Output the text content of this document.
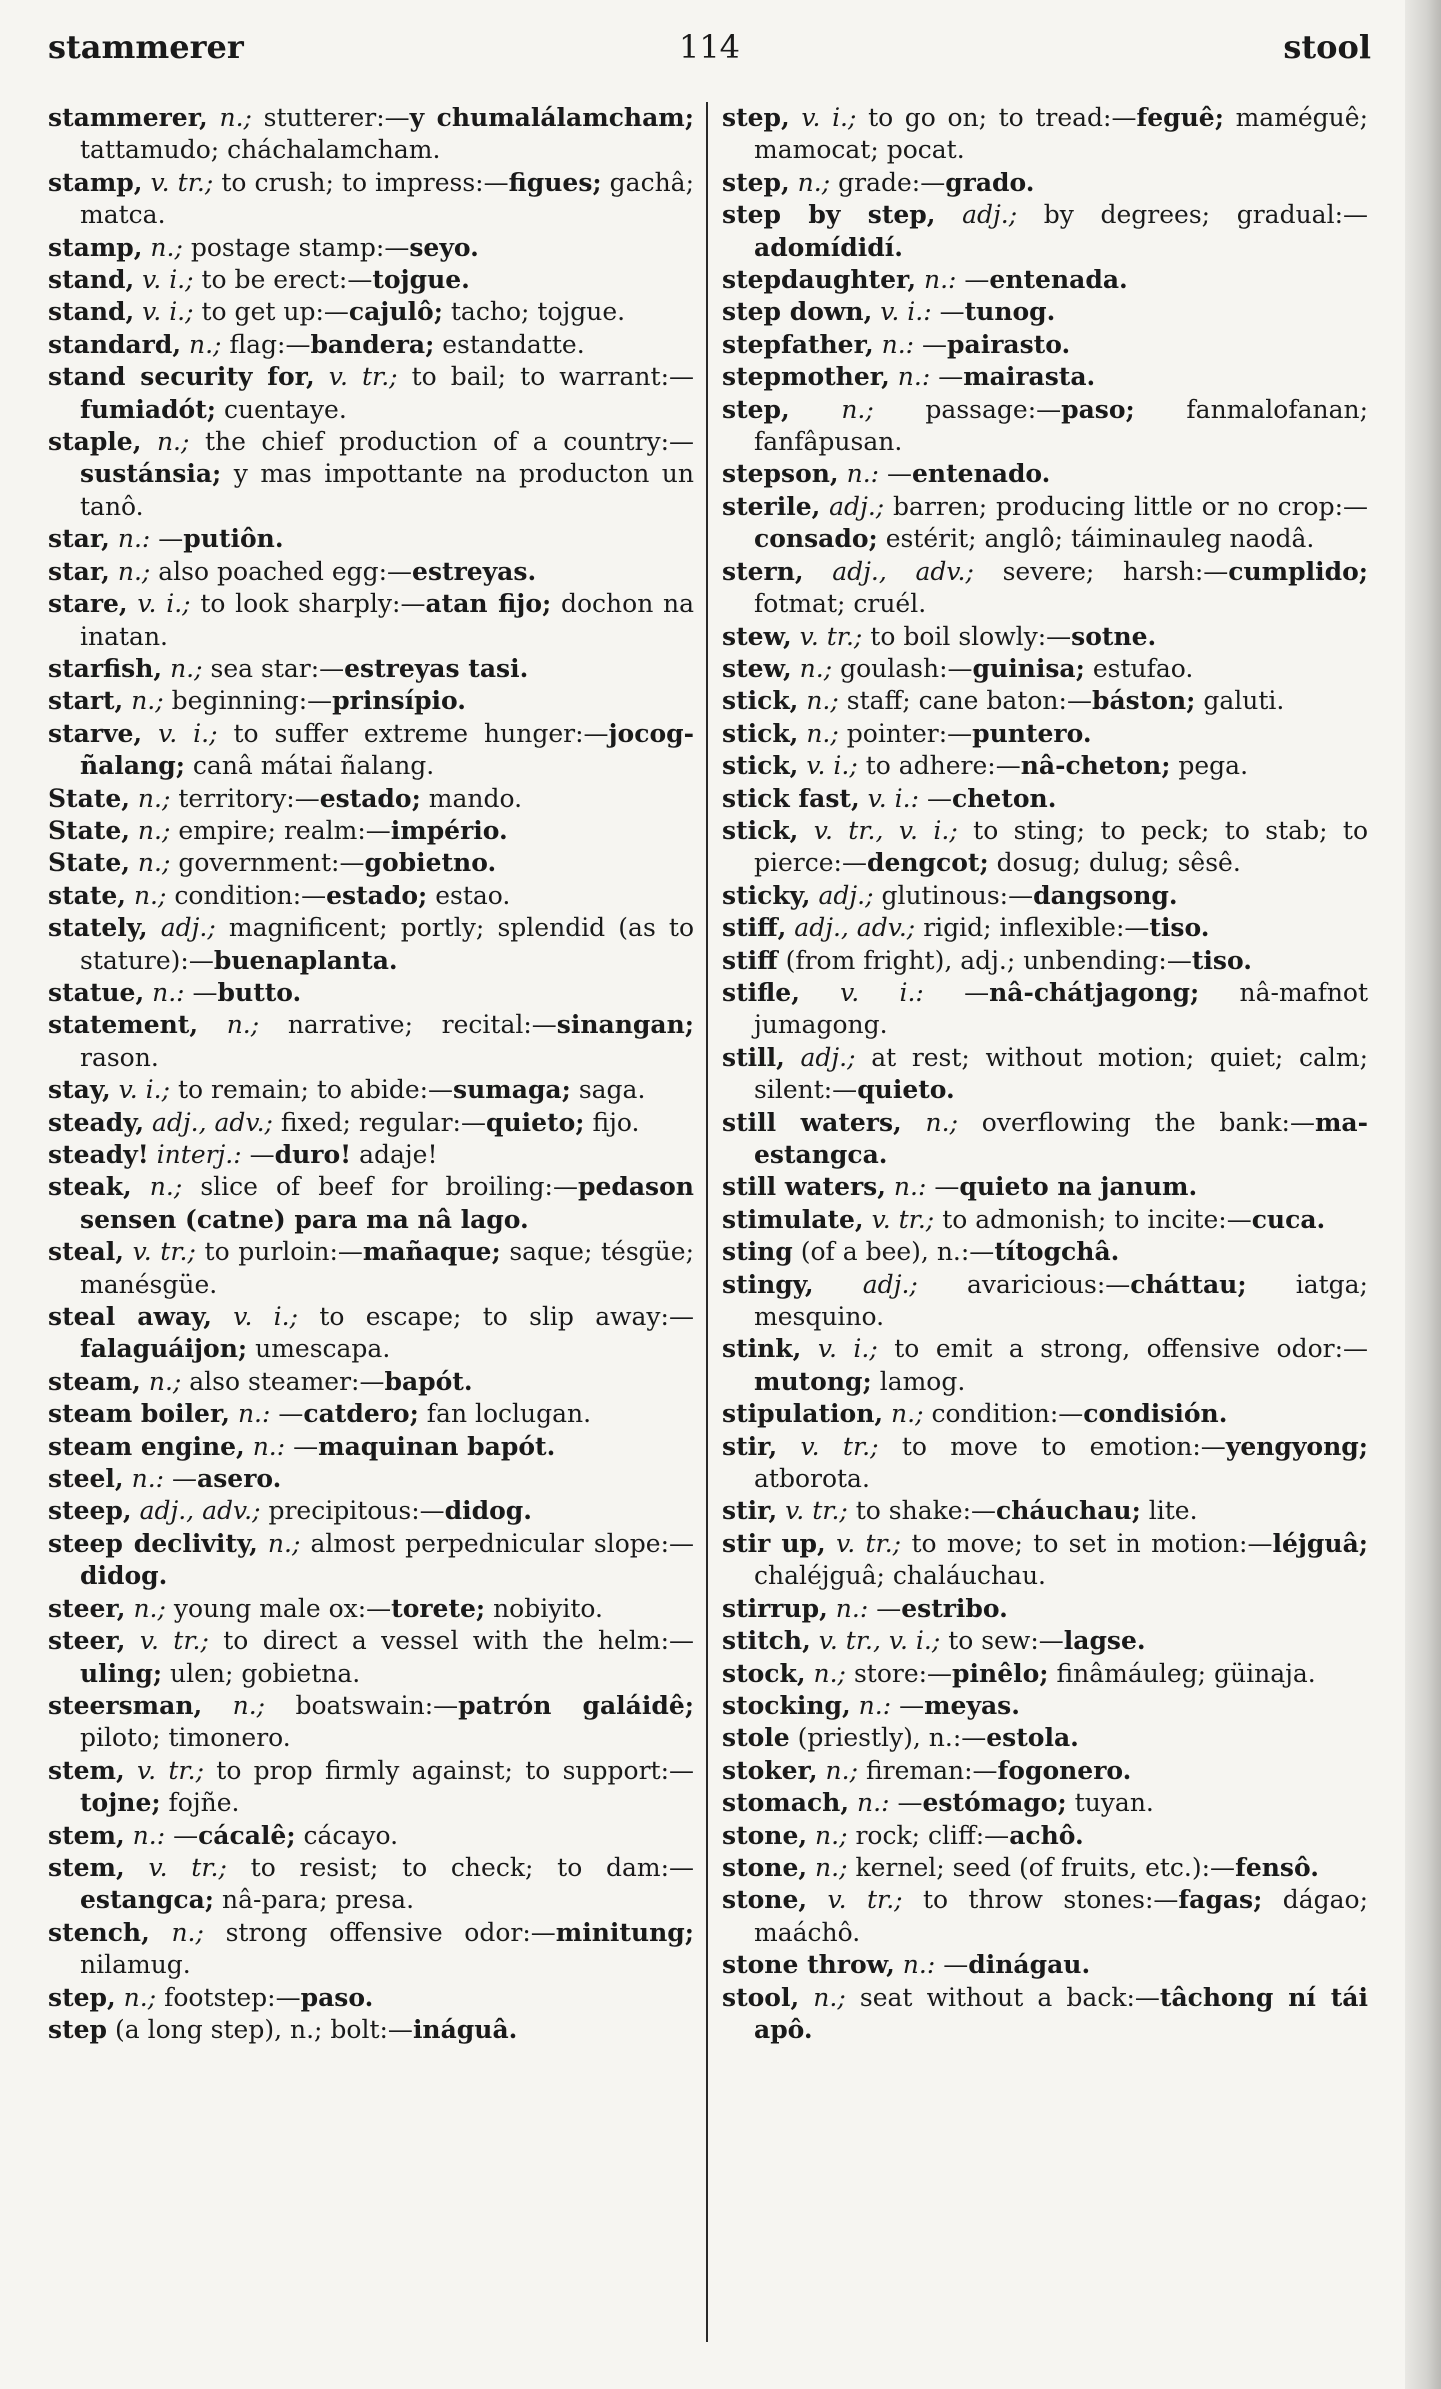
stammerer	114	stool
stammerer, n.; stutterer:—y chumalálamcham; tattamudo; cháchalamcham.
stamp, v. tr.; to crush; to impress:—figues; gachâ; matca.
stamp, n.; postage stamp:—seyo.
stand, v. i.; to be erect:—tojgue.
stand, v. i.; to get up:—cajulô; tacho; tojgue.
standard, n.; flag:—bandera; estandatte.
stand security for, v. tr.; to bail; to warrant:—fumiadót; cuentaye.
staple, n.; the chief production of a country:—sustánsia; y mas impottante na producton un tanô.
star, n.: —putiôn.
star, n.; also poached egg:—estreyas.
stare, v. i.; to look sharply:—atan fijo; dochon na inatan.
starfish, n.; sea star:—estreyas tasi.
start, n.; beginning:—prinsípio.
starve, v. i.; to suffer extreme hunger:—jocog-ñalang; canâ mátai ñalang.
State, n.; territory:—estado; mando.
State, n.; empire; realm:—império.
State, n.; government:—gobietno.
state, n.; condition:—estado; estao.
stately, adj.; magnificent; portly; splendid (as to stature):—buenaplanta.
statue, n.: —butto.
statement, n.; narrative; recital:—sinangan; rason.
stay, v. i.; to remain; to abide:—sumaga; saga.
steady, adj., adv.; fixed; regular:—quieto; fijo.
steady! interj.: —duro! adaje!
steak, n.; slice of beef for broiling:—pedason sensen (catne) para ma nâ lago.
steal, v. tr.; to purloin:—mañaque; saque; tésgüe; manésgüe.
steal away, v. i.; to escape; to slip away:—falaguáijon; umescapa.
steam, n.; also steamer:—bapót.
steam boiler, n.: —catdero; fan loclugan.
steam engine, n.: —maquinan bapót.
steel, n.: —asero.
steep, adj., adv.; precipitous:—didog.
steep declivity, n.; almost perpednicular slope:—didog.
steer, n.; young male ox:—torete; nobiyito.
steer, v. tr.; to direct a vessel with the helm:—uling; ulen; gobietna.
steersman, n.; boatswain:—patrón galáidê; piloto; timonero.
stem, v. tr.; to prop firmly against; to support:—tojne; fojñe.
stem, n.: —cácalê; cácayo.
stem, v. tr.; to resist; to check; to dam:—estangca; nâ-para; presa.
stench, n.; strong offensive odor:—minitung; nilamug.
step, n.; footstep:—paso.
step (a long step), n.; bolt:—ináguâ.
step, v. i.; to go on; to tread:—feguê; maméguê; mamocat; pocat.
step, n.; grade:—grado.
step by step, adj.; by degrees; gradual:—adomídidí.
stepdaughter, n.: —entenada.
step down, v. i.: —tunog.
stepfather, n.: —pairasto.
stepmother, n.: —mairasta.
step, n.; passage:—paso; fanmalofanan; fanfâpusan.
stepson, n.: —entenado.
sterile, adj.; barren; producing little or no crop:—consado; estérit; anglô; táiminauleg naodâ.
stern, adj., adv.; severe; harsh:—cumplido; fotmat; cruél.
stew, v. tr.; to boil slowly:—sotne.
stew, n.; goulash:—guinisa; estufao.
stick, n.; staff; cane baton:—báston; galuti.
stick, n.; pointer:—puntero.
stick, v. i.; to adhere:—nâ-cheton; pega.
stick fast, v. i.: —cheton.
stick, v. tr., v. i.; to sting; to peck; to stab; to pierce:—dengcot; dosug; dulug; sêsê.
sticky, adj.; glutinous:—dangsong.
stiff, adj., adv.; rigid; inflexible:—tiso.
stiff (from fright), adj.; unbending:—tiso.
stifle, v. i.: —nâ-chátjagong; nâ-mafnot jumagong.
still, adj.; at rest; without motion; quiet; calm; silent:—quieto.
still waters, n.; overflowing the bank:—ma-estangca.
still waters, n.: —quieto na janum.
stimulate, v. tr.; to admonish; to incite:—cuca.
sting (of a bee), n.:—títogchâ.
stingy, adj.; avaricious:—cháttau; iatga; mesquino.
stink, v. i.; to emit a strong, offensive odor:—mutong; lamog.
stipulation, n.; condition:—condisión.
stir, v. tr.; to move to emotion:—yengyong; atborota.
stir, v. tr.; to shake:—cháuchau; lite.
stir up, v. tr.; to move; to set in motion:—léjguâ; chaléjguâ; chaláuchau.
stirrup, n.: —estribo.
stitch, v. tr., v. i.; to sew:—lagse.
stock, n.; store:—pinêlo; finâmáuleg; güinaja.
stocking, n.: —meyas.
stole (priestly), n.:—estola.
stoker, n.; fireman:—fogonero.
stomach, n.: —estómago; tuyan.
stone, n.; rock; cliff:—achô.
stone, n.; kernel; seed (of fruits, etc.):—fensô.
stone, v. tr.; to throw stones:—fagas; dágao; maáchô.
stone throw, n.: —dinágau.
stool, n.; seat without a back:—tâchong ní tái apô.
